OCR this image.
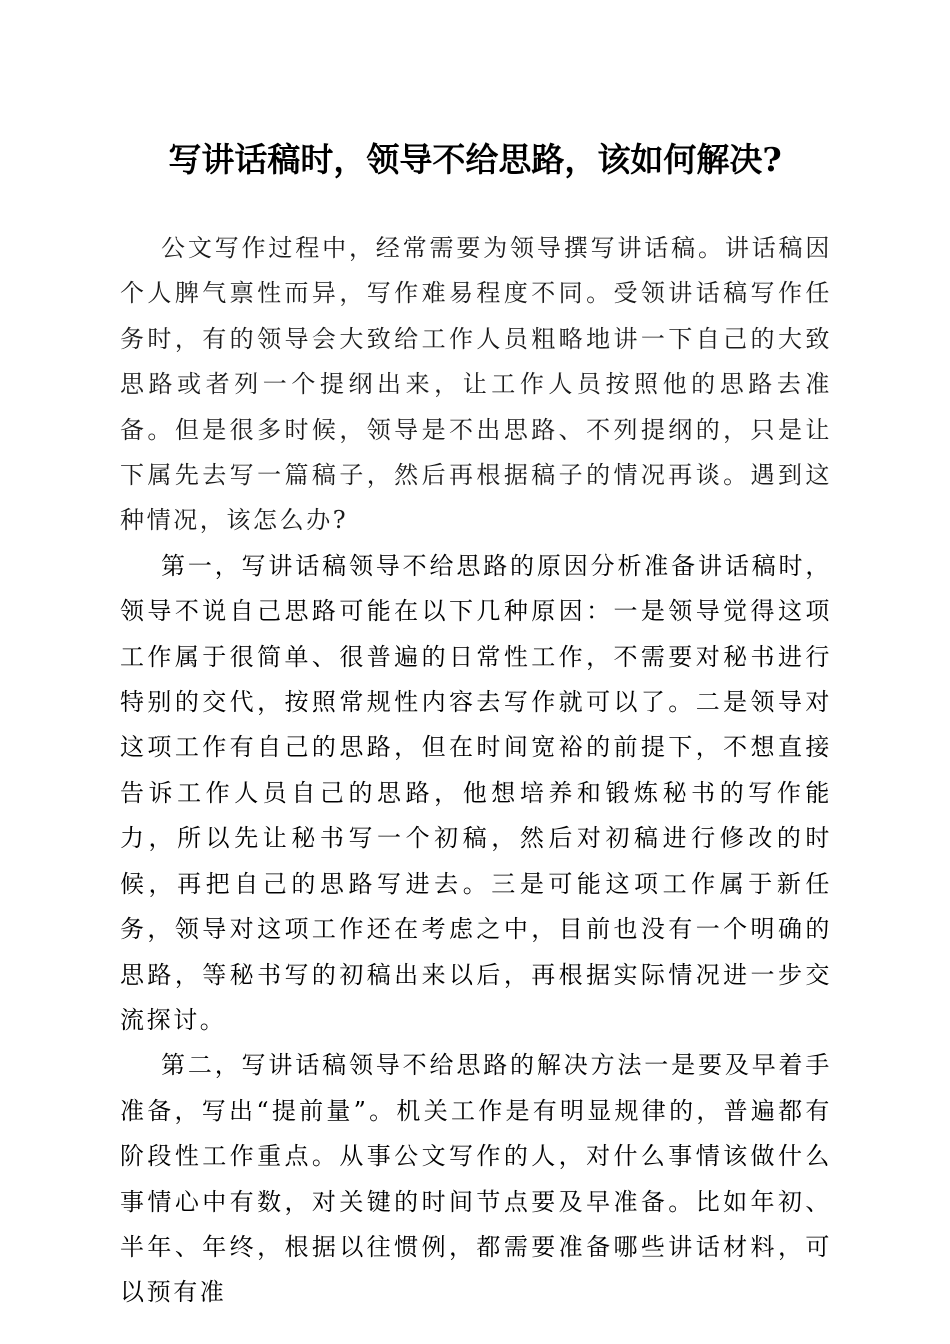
写讲话稿时，领导不给思路，该如何解决?

公文写作过程中，经常需要为领导撰写讲话稿。讲话稿因个人脾气禀性而异，写作难易程度不同。受领讲话稿写作任务时，有的领导会大致给工作人员粗略地讲一下自己的大致思路或者列一个提纲出来，让工作人员按照他的思路去准备。但是很多时候，领导是不出思路、不列提纲的，只是让下属先去写一篇稿子，然后再根据稿子的情况再谈。遇到这种情况，该怎么办?

第一，写讲话稿领导不给思路的原因分析准备讲话稿时，领导不说自己思路可能在以下几种原因：一是领导觉得这项工作属于很简单、很普遍的日常性工作，不需要对秘书进行特别的交代，按照常规性内容去写作就可以了。二是领导对这项工作有自己的思路，但在时间宽裕的前提下，不想直接告诉工作人员自己的思路，他想培养和锻炼秘书的写作能力，所以先让秘书写一个初稿，然后对初稿进行修改的时候，再把自己的思路写进去。三是可能这项工作属于新任务，领导对这项工作还在考虑之中，目前也没有一个明确的思路，等秘书写的初稿出来以后，再根据实际情况进一步交流探讨。

第二，写讲话稿领导不给思路的解决方法一是要及早着手准备，写出“提前量”。机关工作是有明显规律的，普遍都有阶段性工作重点。从事公文写作的人，对什么事情该做什么事情心中有数，对关键的时间节点要及早准备。比如年初、半年、年终，根据以往惯例，都需要准备哪些讲话材料，可以预有准
